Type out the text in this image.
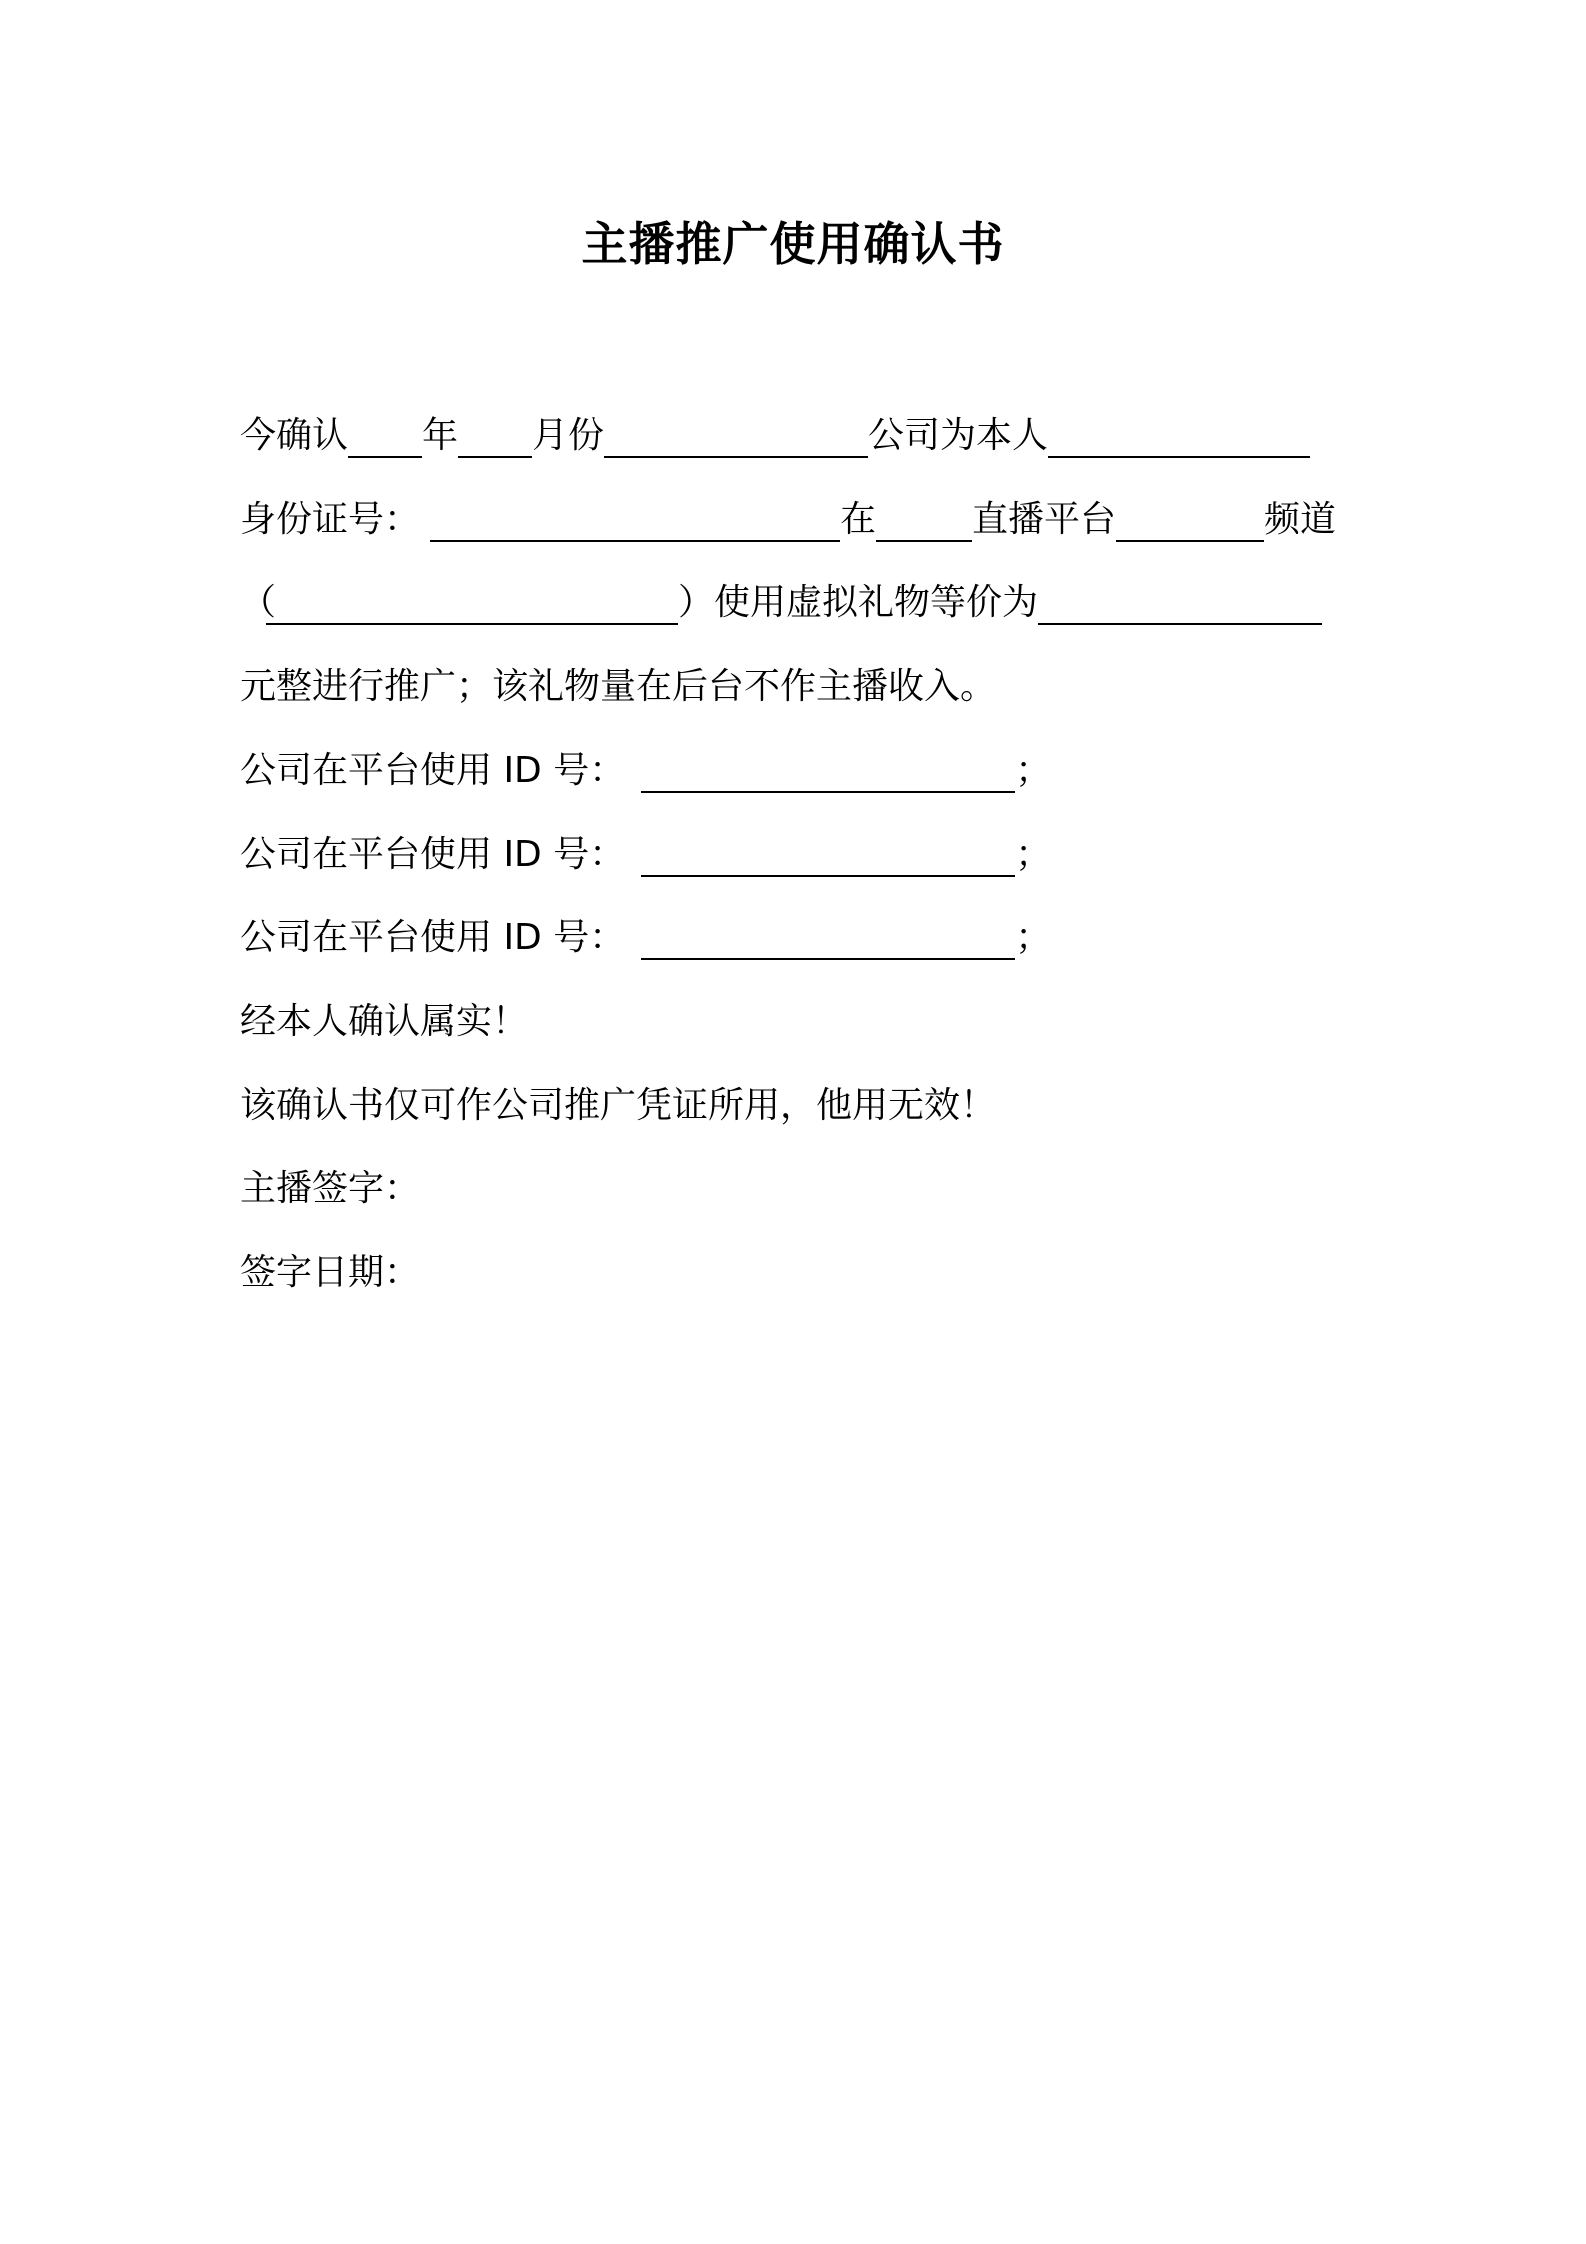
主播推广使用确认书
今确认 年 月份	公司为本人
身份证号：	在	直播平台	频道
（	）使用虚拟礼物等价为
元整进行推广；该礼物量在后台不作主播收入。
公司在平台使用 ID 号：	；
公司在平台使用 ID 号：	；
公司在平台使用 ID 号：	；
经本人确认属实！
该确认书仅可作公司推广凭证所用，他用无效！
主播签字：
签字日期：
